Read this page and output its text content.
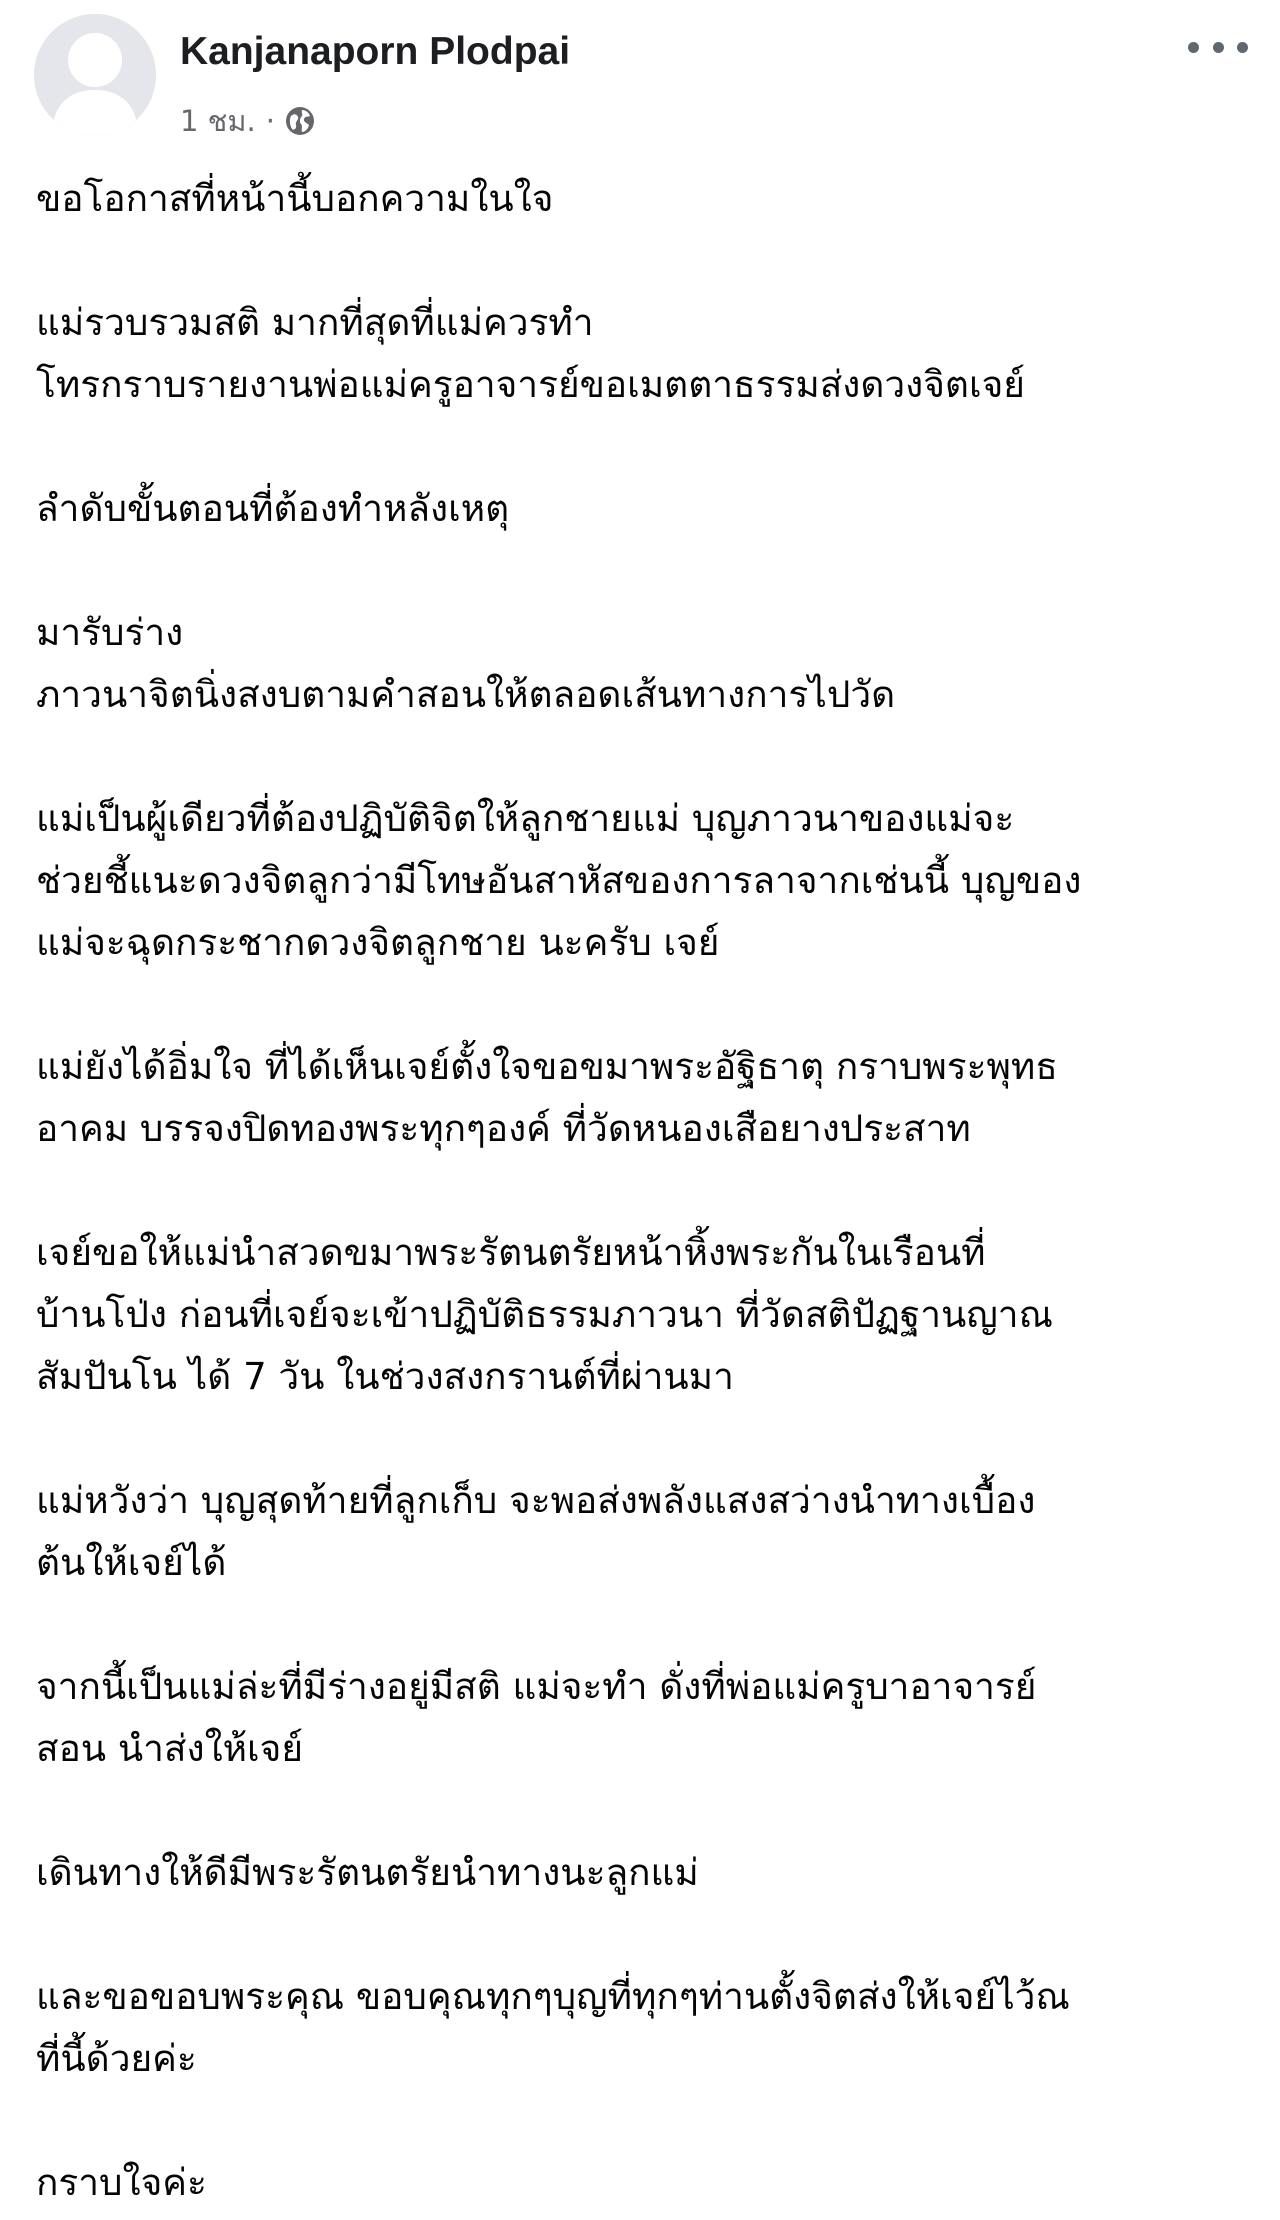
Kanjanaporn Plodpai
1 ชม. ·
ขอโอกาสที่หน้านี้บอกความในใจ
แม่รวบรวมสติ มากที่สุดที่แม่ควรทำ
โทรกราบรายงานพ่อแม่ครูอาจารย์ขอเมตตาธรรมส่งดวงจิตเจย์
ลำดับขั้นตอนที่ต้องทำหลังเหตุ
มารับร่าง
ภาวนาจิตนิ่งสงบตามคำสอนให้ตลอดเส้นทางการไปวัด
แม่เป็นผู้เดียวที่ต้องปฏิบัติจิตให้ลูกชายแม่ บุญภาวนาของแม่จะ
ช่วยชี้แนะดวงจิตลูกว่ามีโทษอันสาหัสของการลาจากเช่นนี้ บุญของ
แม่จะฉุดกระชากดวงจิตลูกชาย นะครับ เจย์
แม่ยังได้อิ่มใจ ที่ได้เห็นเจย์ตั้งใจขอขมาพระอัฐิธาตุ กราบพระพุทธ
อาคม บรรจงปิดทองพระทุกๆองค์ ที่วัดหนองเสือยางประสาท
เจย์ขอให้แม่นำสวดขมาพระรัตนตรัยหน้าหิ้งพระกันในเรือนที่
บ้านโป่ง ก่อนที่เจย์จะเข้าปฏิบัติธรรมภาวนา ที่วัดสติปัฏฐานญาณ
สัมปันโน ได้ 7 วัน ในช่วงสงกรานต์ที่ผ่านมา
แม่หวังว่า บุญสุดท้ายที่ลูกเก็บ จะพอส่งพลังแสงสว่างนำทางเบื้อง
ต้นให้เจย์ได้
จากนี้เป็นแม่ล่ะที่มีร่างอยู่มีสติ แม่จะทำ ดั่งที่พ่อแม่ครูบาอาจารย์
สอน นำส่งให้เจย์
เดินทางให้ดีมีพระรัตนตรัยนำทางนะลูกแม่
และขอขอบพระคุณ ขอบคุณทุกๆบุญที่ทุกๆท่านตั้งจิตส่งให้เจย์ไว้ณ
ที่นี้ด้วยค่ะ
กราบใจค่ะ
